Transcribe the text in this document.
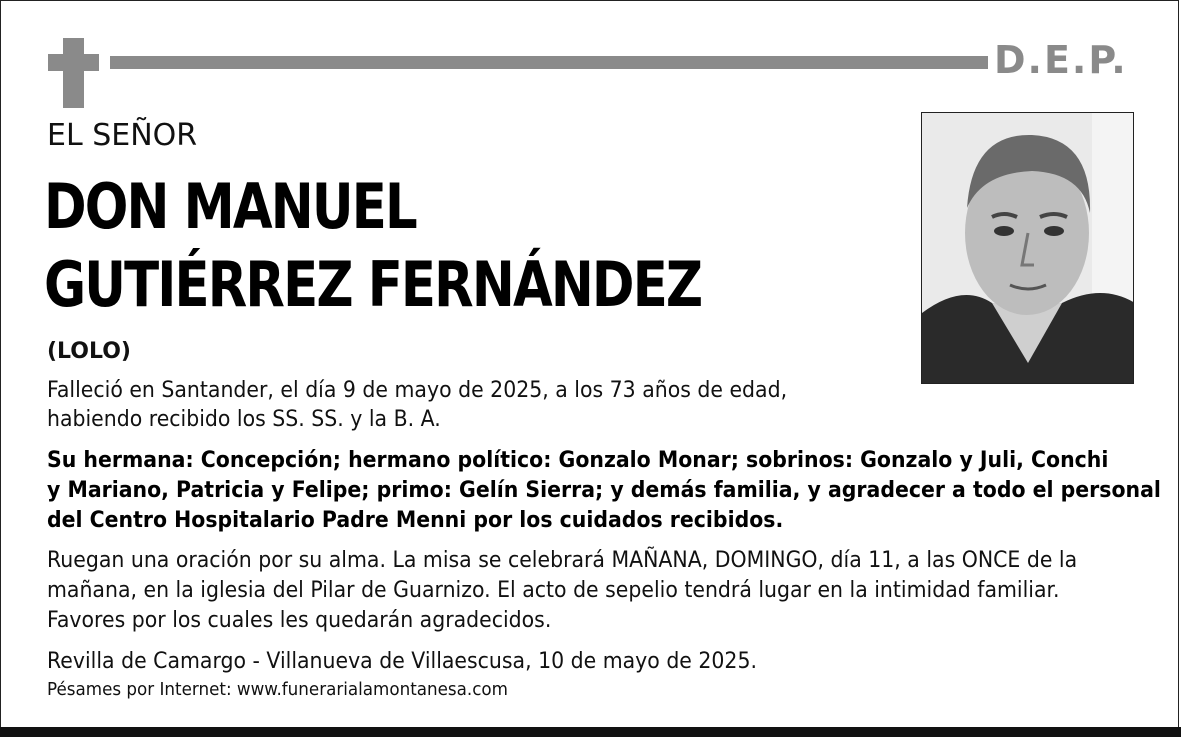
D.E.P.
EL SEÑOR
DON MANUEL
GUTIÉRREZ FERNÁNDEZ
(LOLO)
Falleció en Santander, el día 9 de mayo de 2025, a los 73 años de edad,
habiendo recibido los SS. SS. y la B. A.
Su hermana: Concepción; hermano político: Gonzalo Monar; sobrinos: Gonzalo y Juli, Conchi
y Mariano, Patricia y Felipe; primo: Gelín Sierra; y demás familia, y agradecer a todo el personal
del Centro Hospitalario Padre Menni por los cuidados recibidos.
Ruegan una oración por su alma. La misa se celebrará MAÑANA, DOMINGO, día 11, a las ONCE de la
mañana, en la iglesia del Pilar de Guarnizo. El acto de sepelio tendrá lugar en la intimidad familiar.
Favores por los cuales les quedarán agradecidos.
Revilla de Camargo - Villanueva de Villaescusa, 10 de mayo de 2025.
Pésames por Internet: www.funerarialamontanesa.com
